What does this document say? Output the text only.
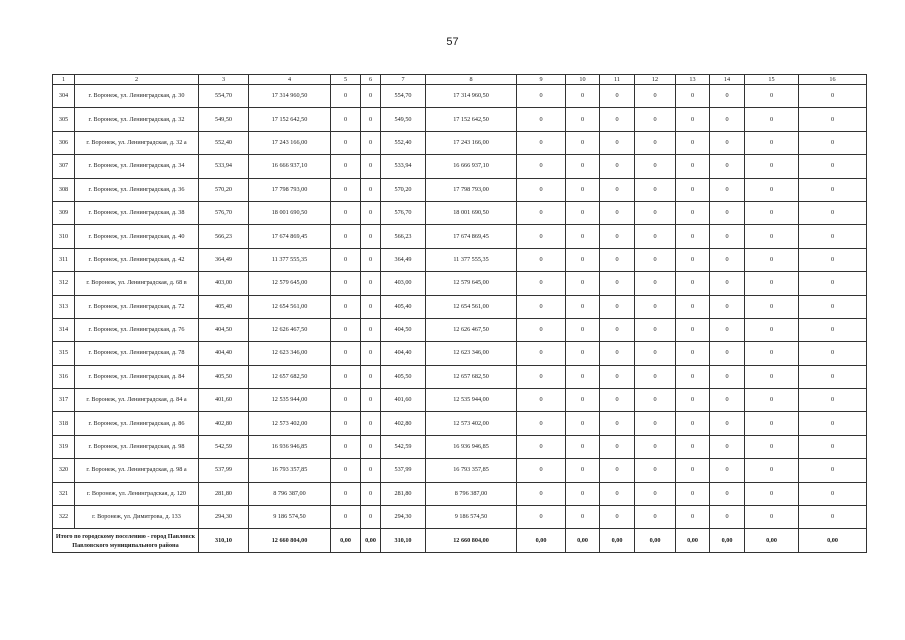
57
1	2	3	4	5	6	7	8	9	10	11	12	13	14	15	16
304	г. Воронеж, ул. Ленинградская, д. 30	554,70	17 314 960,50	0	0	554,70	17 314 960,50	0	0	0	0	0	0	0	0
305	г. Воронеж, ул. Ленинградская, д. 32	549,50	17 152 642,50	0	0	549,50	17 152 642,50	0	0	0	0	0	0	0	0
306	г. Воронеж, ул. Ленинградская, д. 32 а	552,40	17 243 166,00	0	0	552,40	17 243 166,00	0	0	0	0	0	0	0	0
307	г. Воронеж, ул. Ленинградская, д. 34	533,94	16 666 937,10	0	0	533,94	16 666 937,10	0	0	0	0	0	0	0	0
308	г. Воронеж, ул. Ленинградская, д. 36	570,20	17 798 793,00	0	0	570,20	17 798 793,00	0	0	0	0	0	0	0	0
309	г. Воронеж, ул. Ленинградская, д. 38	576,70	18 001 690,50	0	0	576,70	18 001 690,50	0	0	0	0	0	0	0	0
310	г. Воронеж, ул. Ленинградская, д. 40	566,23	17 674 869,45	0	0	566,23	17 674 869,45	0	0	0	0	0	0	0	0
311	г. Воронеж, ул. Ленинградская, д. 42	364,49	11 377 555,35	0	0	364,49	11 377 555,35	0	0	0	0	0	0	0	0
312	г. Воронеж, ул. Ленинградская, д. 68 в	403,00	12 579 645,00	0	0	403,00	12 579 645,00	0	0	0	0	0	0	0	0
313	г. Воронеж, ул. Ленинградская, д. 72	405,40	12 654 561,00	0	0	405,40	12 654 561,00	0	0	0	0	0	0	0	0
314	г. Воронеж, ул. Ленинградская, д. 76	404,50	12 626 467,50	0	0	404,50	12 626 467,50	0	0	0	0	0	0	0	0
315	г. Воронеж, ул. Ленинградская, д. 78	404,40	12 623 346,00	0	0	404,40	12 623 346,00	0	0	0	0	0	0	0	0
316	г. Воронеж, ул. Ленинградская, д. 84	405,50	12 657 682,50	0	0	405,50	12 657 682,50	0	0	0	0	0	0	0	0
317	г. Воронеж, ул. Ленинградская, д. 84 а	401,60	12 535 944,00	0	0	401,60	12 535 944,00	0	0	0	0	0	0	0	0
318	г. Воронеж, ул. Ленинградская, д. 86	402,80	12 573 402,00	0	0	402,80	12 573 402,00	0	0	0	0	0	0	0	0
319	г. Воронеж, ул. Ленинградская, д. 98	542,59	16 936 946,85	0	0	542,59	16 936 946,85	0	0	0	0	0	0	0	0
320	г. Воронеж, ул. Ленинградская, д. 98 а	537,99	16 793 357,85	0	0	537,99	16 793 357,85	0	0	0	0	0	0	0	0
321	г. Воронеж, ул. Ленинградская, д. 120	281,80	8 796 387,00	0	0	281,80	8 796 387,00	0	0	0	0	0	0	0	0
322	г. Воронеж, ул. Димитрова, д. 133	294,30	9 186 574,50	0	0	294,30	9 186 574,50	0	0	0	0	0	0	0	0
Итого по городскому поселению - город Павловск Павловского муниципального района		310,10	12 660 804,00	0,00	0,00	310,10	12 660 804,00	0,00	0,00	0,00	0,00	0,00	0,00	0,00	0,00
